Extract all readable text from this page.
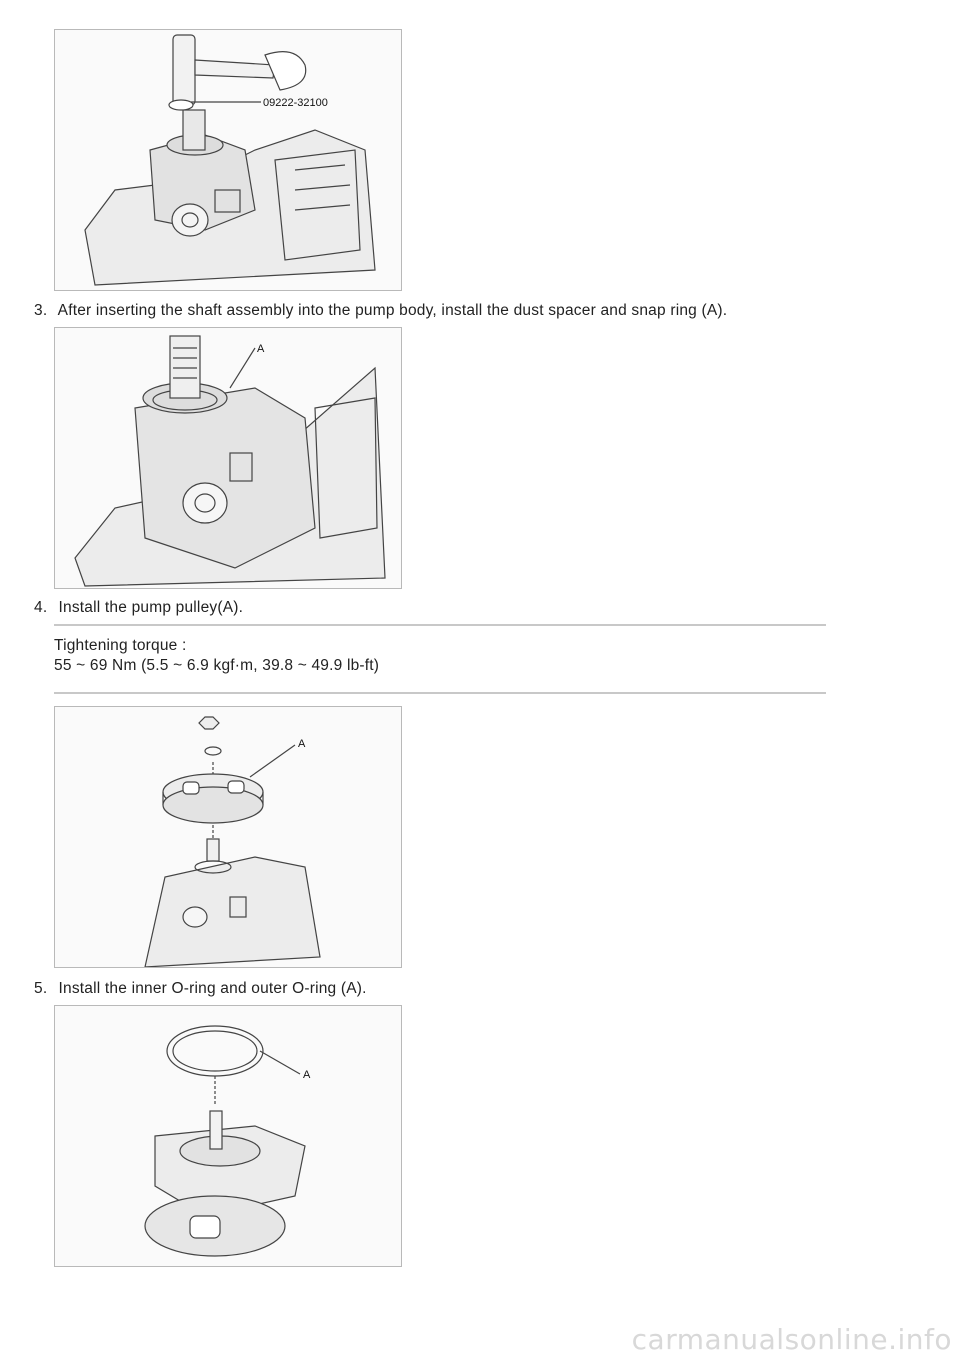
09222-32100
3. After inserting the shaft assembly into the pump body, install the dust spacer and snap ring (A).
A
4. Install the pump pulley(A).
Tightening torque :
55 ~ 69 Nm (5.5 ~ 6.9 kgf·m, 39.8 ~ 49.9 lb-ft)
A
5. Install the inner O-ring and outer O-ring (A).
A
carmanualsonline.info
